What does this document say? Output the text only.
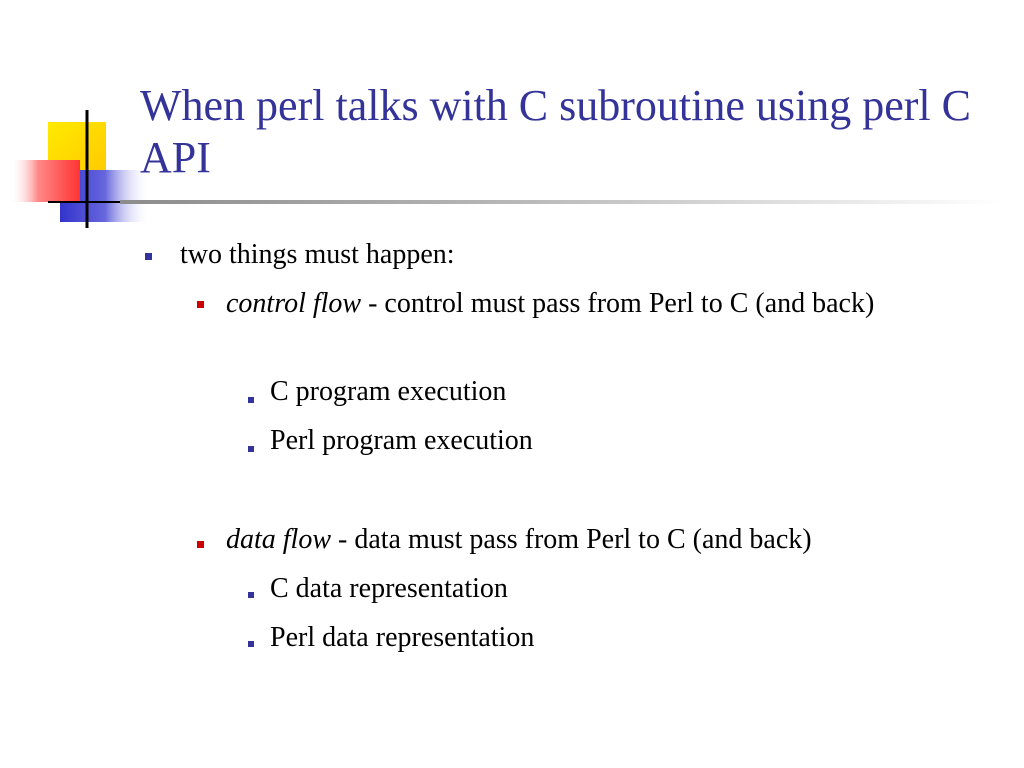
When perl talks with C subroutine using perl C API
two things must happen:
control flow - control must pass from Perl to C (and back)
C program execution
Perl program execution
data flow - data must pass from Perl to C (and back)
C data representation
Perl data representation
